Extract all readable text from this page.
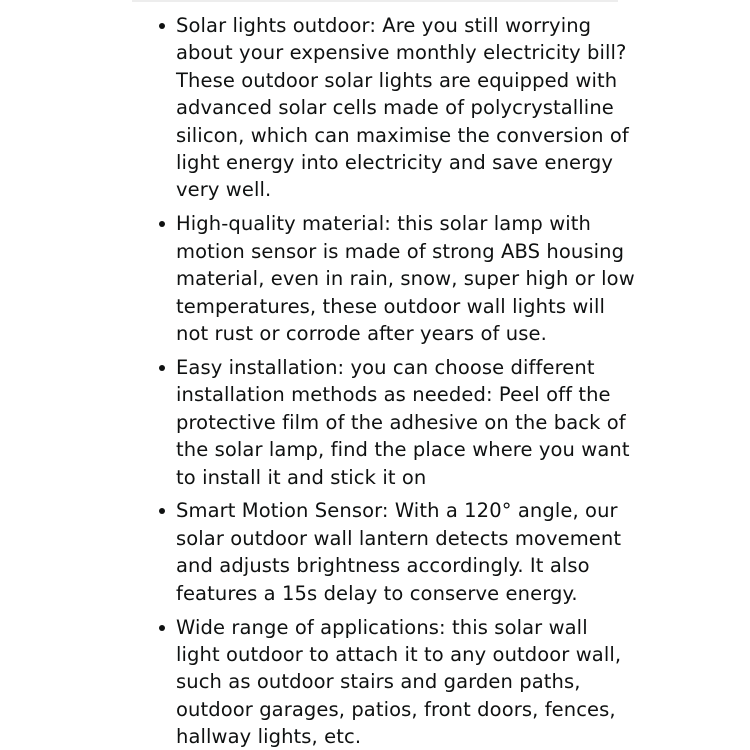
Solar lights outdoor: Are you still worrying
about your expensive monthly electricity bill?
These outdoor solar lights are equipped with
advanced solar cells made of polycrystalline
silicon, which can maximise the conversion of
light energy into electricity and save energy
very well.
High-quality material: this solar lamp with
motion sensor is made of strong ABS housing
material, even in rain, snow, super high or low
temperatures, these outdoor wall lights will
not rust or corrode after years of use.
Easy installation: you can choose different
installation methods as needed: Peel off the
protective film of the adhesive on the back of
the solar lamp, find the place where you want
to install it and stick it on
Smart Motion Sensor: With a 120° angle, our
solar outdoor wall lantern detects movement
and adjusts brightness accordingly. It also
features a 15s delay to conserve energy.
Wide range of applications: this solar wall
light outdoor to attach it to any outdoor wall,
such as outdoor stairs and garden paths,
outdoor garages, patios, front doors, fences,
hallway lights, etc.
